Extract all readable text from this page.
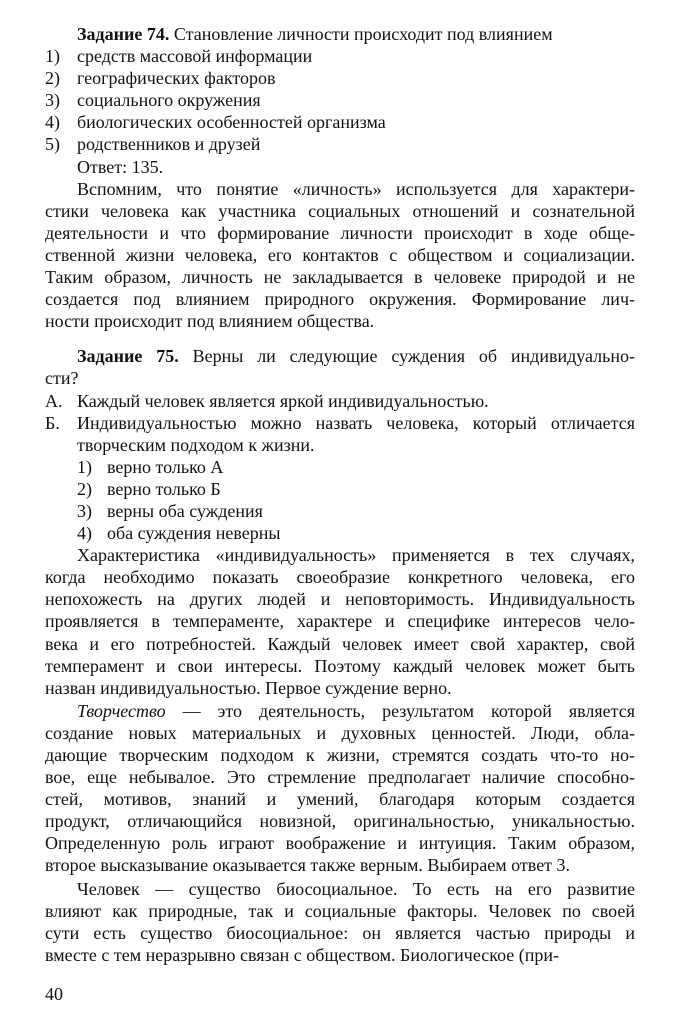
Задание 74. Становление личности происходит под влиянием
1) средств массовой информации
2) географических факторов
3) социального окружения
4) биологических особенностей организма
5) родственников и друзей
Ответ: 135.
Вспомним, что понятие «личность» используется для характери-
стики человека как участника социальных отношений и сознательной
деятельности и что формирование личности происходит в ходе обще-
ственной жизни человека, его контактов с обществом и социализации.
Таким образом, личность не закладывается в человеке природой и не
создается под влиянием природного окружения. Формирование лич-
ности происходит под влиянием общества.
Задание 75. Верны ли следующие суждения об индивидуально-
сти?
А. Каждый человек является яркой индивидуальностью.
Б. Индивидуальностью можно назвать человека, который отличается
творческим подходом к жизни.
1) верно только А
2) верно только Б
3) верны оба суждения
4) оба суждения неверны
Характеристика «индивидуальность» применяется в тех случаях,
когда необходимо показать своеобразие конкретного человека, его
непохожесть на других людей и неповторимость. Индивидуальность
проявляется в темпераменте, характере и специфике интересов чело-
века и его потребностей. Каждый человек имеет свой характер, свой
темперамент и свои интересы. Поэтому каждый человек может быть
назван индивидуальностью. Первое суждение верно.
Творчество — это деятельность, результатом которой является
создание новых материальных и духовных ценностей. Люди, обла-
дающие творческим подходом к жизни, стремятся создать что-то но-
вое, еще небывалое. Это стремление предполагает наличие способно-
стей, мотивов, знаний и умений, благодаря которым создается
продукт, отличающийся новизной, оригинальностью, уникальностью.
Определенную роль играют воображение и интуиция. Таким образом,
второе высказывание оказывается также верным. Выбираем ответ 3.
Человек — существо биосоциальное. То есть на его развитие
влияют как природные, так и социальные факторы. Человек по своей
сути есть существо биосоциальное: он является частью природы и
вместе с тем неразрывно связан с обществом. Биологическое (при-
40
